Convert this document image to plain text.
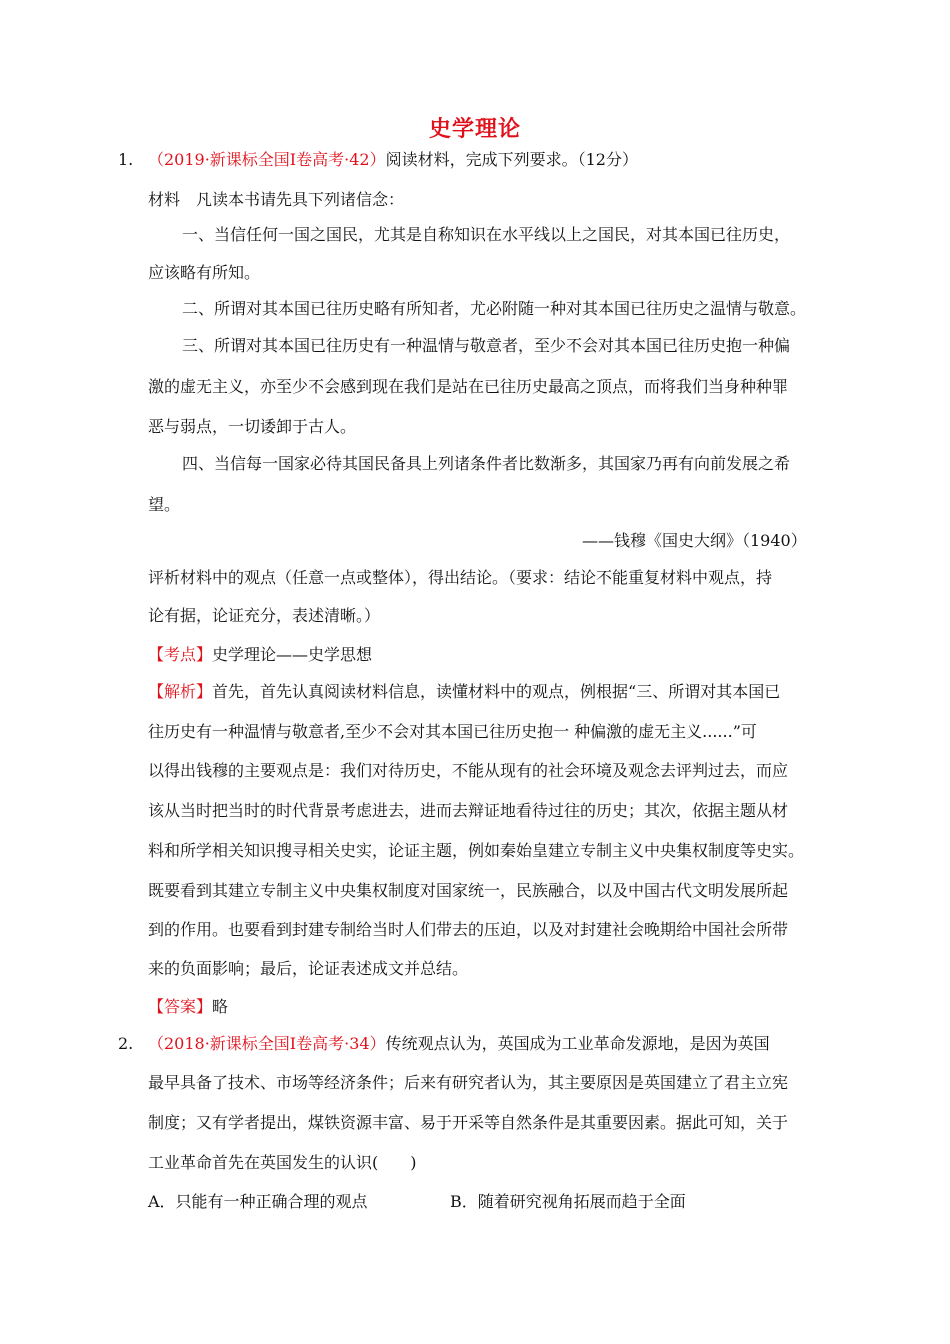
史学理论
1. （2019·新课标全国Ⅰ卷高考·42）阅读材料，完成下列要求。（12分）
材料　凡读本书请先具下列诸信念：
一、当信任何一国之国民，尤其是自称知识在水平线以上之国民，对其本国已往历史，
应该略有所知。
二、所谓对其本国已往历史略有所知者，尤必附随一种对其本国已往历史之温情与敬意。
三、所谓对其本国已往历史有一种温情与敬意者，至少不会对其本国已往历史抱一种偏
激的虚无主义，亦至少不会感到现在我们是站在已往历史最高之顶点，而将我们当身种种罪
恶与弱点，一切诿卸于古人。
四、当信每一国家必待其国民备具上列诸条件者比数渐多，其国家乃再有向前发展之希
望。
——钱穆《国史大纲》（1940）
评析材料中的观点（任意一点或整体），得出结论。（要求：结论不能重复材料中观点，持
论有据，论证充分，表述清晰。）
【考点】史学理论——史学思想
【解析】首先，首先认真阅读材料信息，读懂材料中的观点，例根据“三、所谓对其本国已
往历史有一种温情与敬意者,至少不会对其本国已往历史抱一 种偏激的虚无主义......”可
以得出钱穆的主要观点是：我们对待历史，不能从现有的社会环境及观念去评判过去，而应
该从当时把当时的时代背景考虑进去，进而去辩证地看待过往的历史；其次，依据主题从材
料和所学相关知识搜寻相关史实，论证主题，例如秦始皇建立专制主义中央集权制度等史实。
既要看到其建立专制主义中央集权制度对国家统一，民族融合，以及中国古代文明发展所起
到的作用。也要看到封建专制给当时人们带去的压迫，以及对封建社会晚期给中国社会所带
来的负面影响；最后，论证表述成文并总结。
【答案】略
2. （2018·新课标全国Ⅰ卷高考·34）传统观点认为，英国成为工业革命发源地，是因为英国
最早具备了技术、市场等经济条件；后来有研究者认为，其主要原因是英国建立了君主立宪
制度；又有学者提出，煤铁资源丰富、易于开采等自然条件是其重要因素。据此可知，关于
工业革命首先在英国发生的认识(　　)
A．只能有一种正确合理的观点	B．随着研究视角拓展而趋于全面
